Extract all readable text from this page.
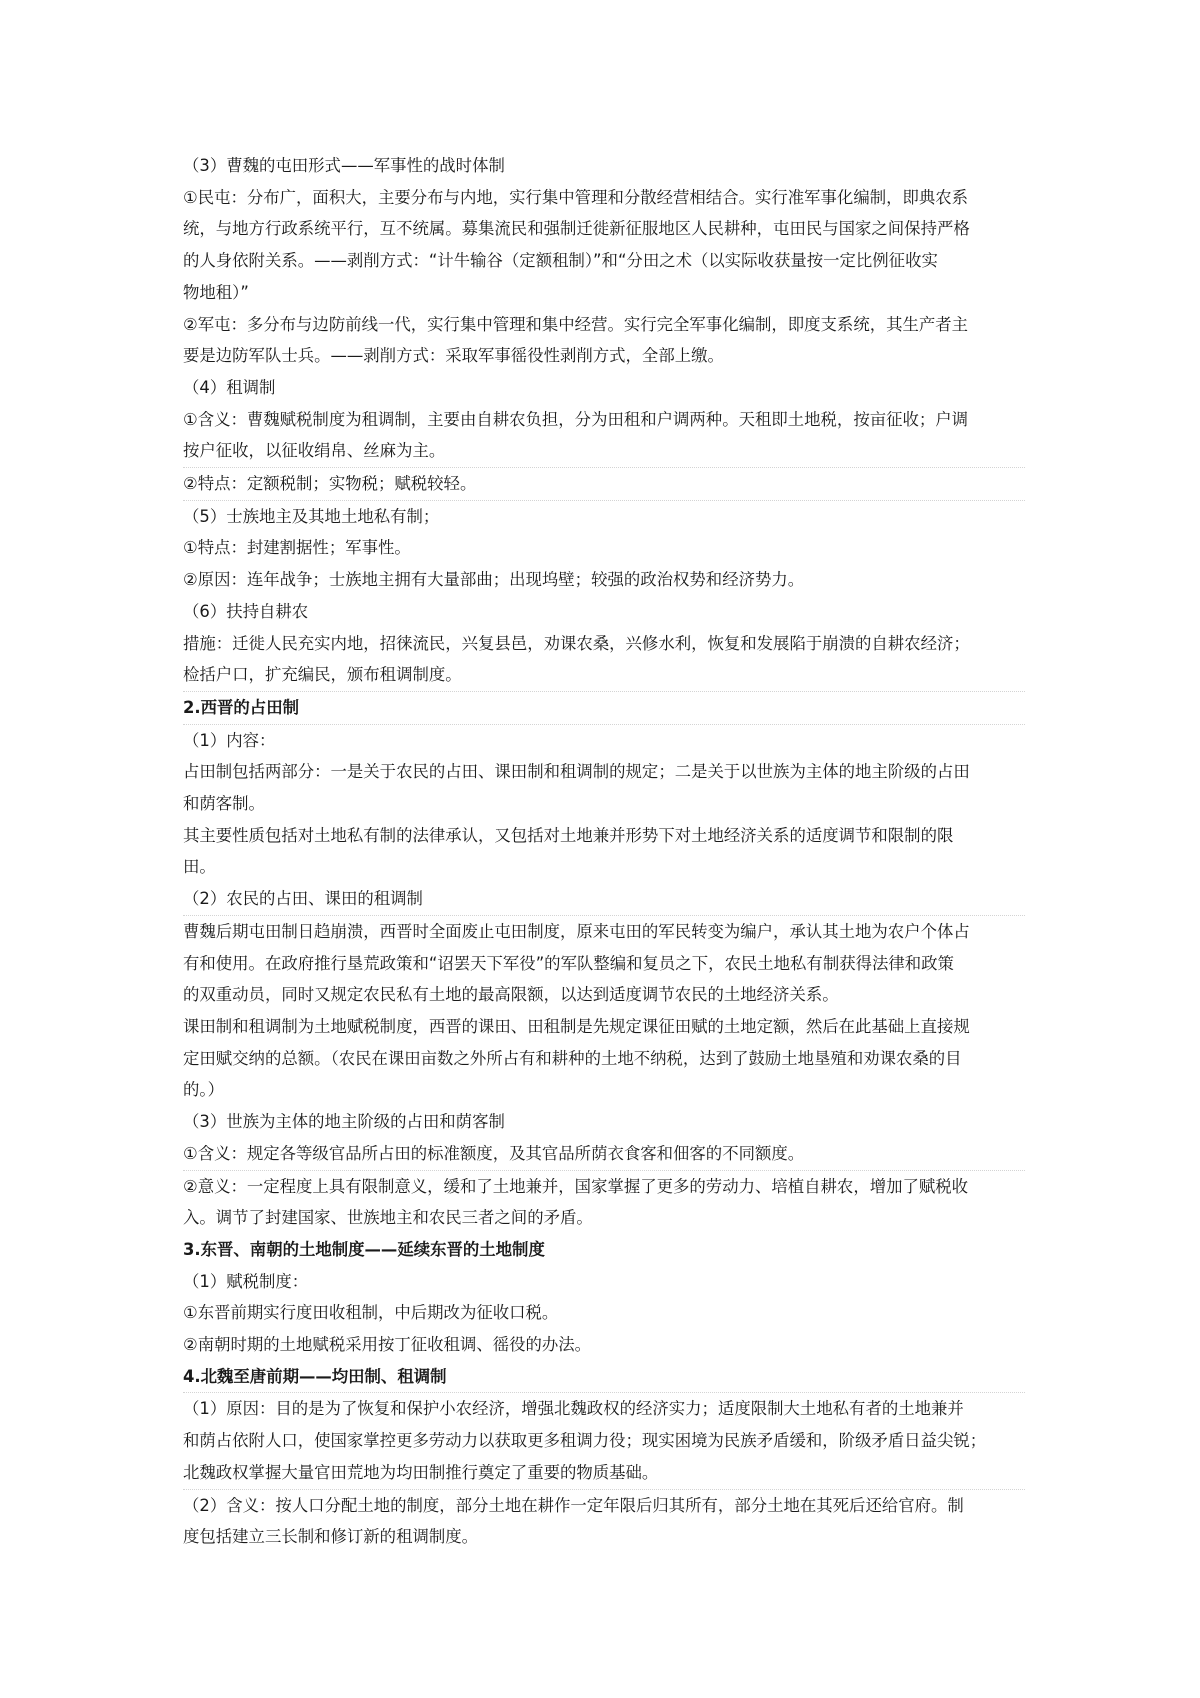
（3）曹魏的屯田形式——军事性的战时体制
①民屯：分布广，面积大，主要分布与内地，实行集中管理和分散经营相结合。实行准军事化编制，即典农系
统，与地方行政系统平行，互不统属。募集流民和强制迁徙新征服地区人民耕种，屯田民与国家之间保持严格
的人身依附关系。——剥削方式：“计牛输谷（定额租制）”和“分田之术（以实际收获量按一定比例征收实
物地租）”
②军屯：多分布与边防前线一代，实行集中管理和集中经营。实行完全军事化编制，即度支系统，其生产者主
要是边防军队士兵。——剥削方式：采取军事徭役性剥削方式，全部上缴。
（4）租调制
①含义：曹魏赋税制度为租调制，主要由自耕农负担，分为田租和户调两种。天租即土地税，按亩征收；户调
按户征收，以征收绢帛、丝麻为主。
②特点：定额税制；实物税；赋税较轻。
（5）士族地主及其地土地私有制；
①特点：封建割据性；军事性。
②原因：连年战争；士族地主拥有大量部曲；出现坞壁；较强的政治权势和经济势力。
（6）扶持自耕农
措施：迁徙人民充实内地，招徕流民，兴复县邑，劝课农桑，兴修水利，恢复和发展陷于崩溃的自耕农经济；
检括户口，扩充编民，颁布租调制度。
2.西晋的占田制
（1）内容：
占田制包括两部分：一是关于农民的占田、课田制和租调制的规定；二是关于以世族为主体的地主阶级的占田
和荫客制。
其主要性质包括对土地私有制的法律承认，又包括对土地兼并形势下对土地经济关系的适度调节和限制的限
田。
（2）农民的占田、课田的租调制
曹魏后期屯田制日趋崩溃，西晋时全面废止屯田制度，原来屯田的军民转变为编户，承认其土地为农户个体占
有和使用。在政府推行垦荒政策和“诏罢天下军役”的军队整编和复员之下，农民土地私有制获得法律和政策
的双重动员，同时又规定农民私有土地的最高限额，以达到适度调节农民的土地经济关系。
课田制和租调制为土地赋税制度，西晋的课田、田租制是先规定课征田赋的土地定额，然后在此基础上直接规
定田赋交纳的总额。（农民在课田亩数之外所占有和耕种的土地不纳税，达到了鼓励土地垦殖和劝课农桑的目
的。）
（3）世族为主体的地主阶级的占田和荫客制
①含义：规定各等级官品所占田的标准额度，及其官品所荫衣食客和佃客的不同额度。
②意义：一定程度上具有限制意义，缓和了土地兼并，国家掌握了更多的劳动力、培植自耕农，增加了赋税收
入。调节了封建国家、世族地主和农民三者之间的矛盾。
3.东晋、南朝的土地制度——延续东晋的土地制度
（1）赋税制度：
①东晋前期实行度田收租制，中后期改为征收口税。
②南朝时期的土地赋税采用按丁征收租调、徭役的办法。
4.北魏至唐前期——均田制、租调制
（1）原因：目的是为了恢复和保护小农经济，增强北魏政权的经济实力；适度限制大土地私有者的土地兼并
和荫占依附人口，使国家掌控更多劳动力以获取更多租调力役；现实困境为民族矛盾缓和，阶级矛盾日益尖锐；
北魏政权掌握大量官田荒地为均田制推行奠定了重要的物质基础。
（2）含义：按人口分配土地的制度，部分土地在耕作一定年限后归其所有，部分土地在其死后还给官府。制
度包括建立三长制和修订新的租调制度。
